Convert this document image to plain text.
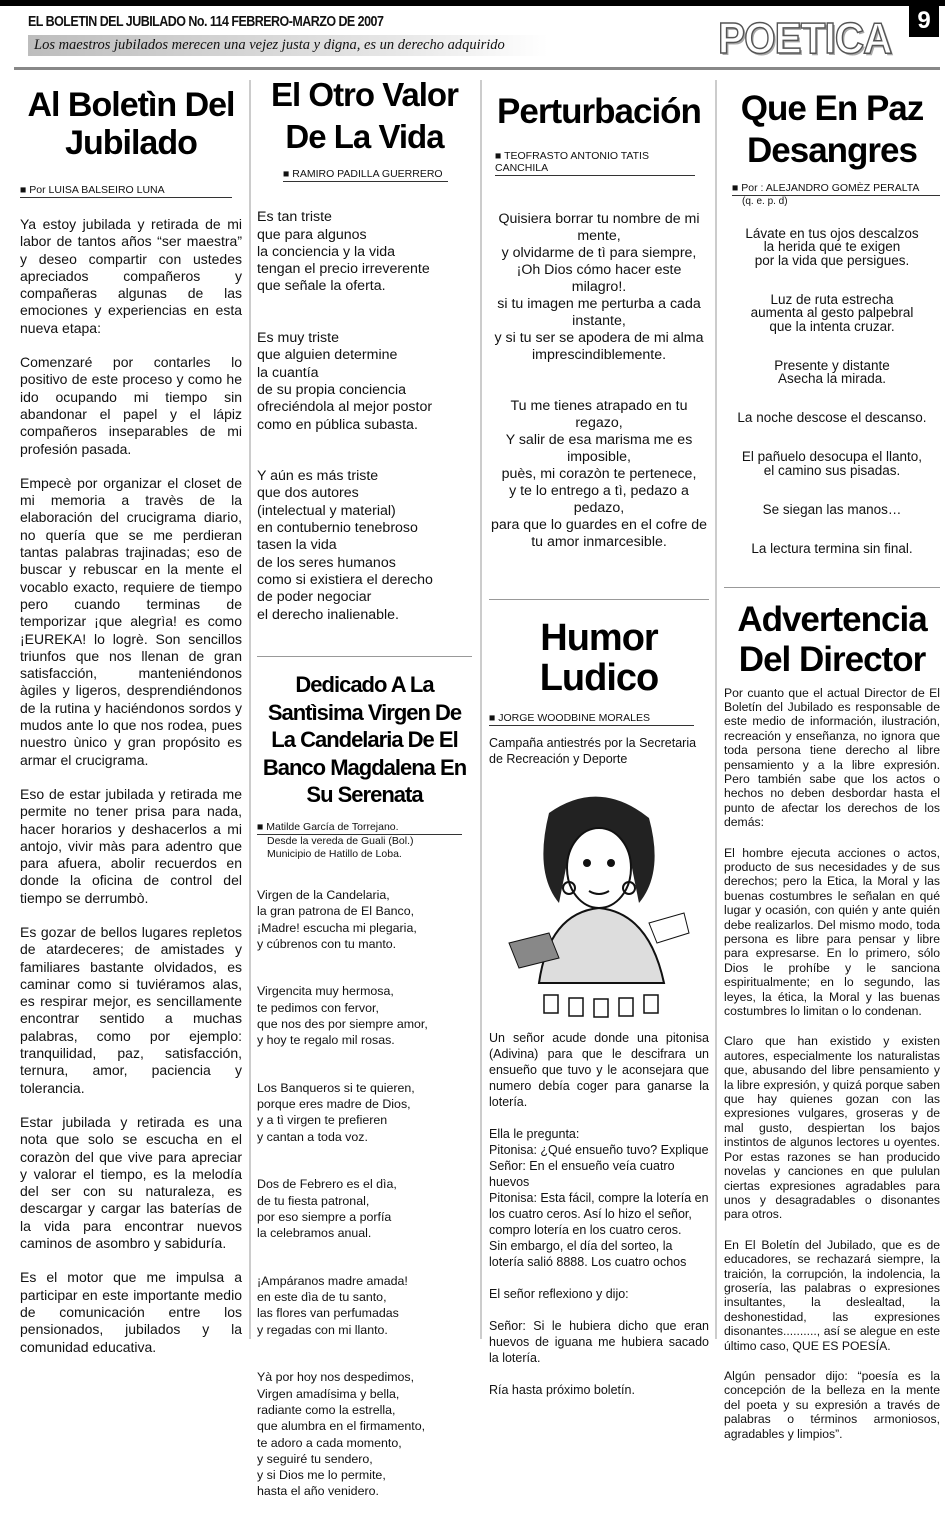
EL BOLETIN DEL JUBILADO No. 114 FEBRERO-MARZO DE 2007
Los maestros jubilados merecen una vejez justa y digna, es un derecho adquirido	POETICA	9
Al Boletìn Del Jubilado
■ Por LUISA BALSEIRO LUNA

Ya estoy jubilada y retirada de mi labor de tantos años “ser maestra” y deseo compartir con ustedes apreciados compañeros y compañeras algunas de las emociones y experiencias en esta nueva etapa:

Comenzaré por contarles lo positivo de este proceso y como he ido ocupando mi tiempo sin abandonar el papel y el lápiz compañeros inseparables de mi profesión pasada.

Empecè por organizar el closet de mi memoria a travès de la elaboración del crucigrama diario, no quería que se me perdieran tantas palabras trajinadas; eso de buscar y rebuscar en la mente el vocablo exacto, requiere de tiempo pero cuando terminas de temporizar ¡que alegrìa! es como ¡EUREKA! lo logrè. Son sencillos triunfos que nos llenan de gran satisfacción, manteniéndonos àgiles y ligeros, desprendiéndonos de la rutina y haciéndonos sordos y mudos ante lo que nos rodea, pues nuestro ùnico y gran propósito es armar el crucigrama.

Eso de estar jubilada y retirada me permite no tener prisa para nada, hacer horarios y deshacerlos a mi antojo, vivir màs para adentro que para afuera, abolir recuerdos en donde la oficina de control del tiempo se derrumbò.

Es gozar de bellos lugares repletos de atardeceres; de amistades y familiares bastante olvidados, es caminar como si tuviéramos alas, es respirar mejor, es sencillamente encontrar sentido a muchas palabras, como por ejemplo: tranquilidad, paz, satisfacción, ternura, amor, paciencia y tolerancia.

Estar jubilada y retirada es una nota que solo se escucha en el corazòn del que vive para apreciar y valorar el tiempo, es la melodía del ser con su naturaleza, es descargar y cargar las baterías de la vida para encontrar nuevos caminos de asombro y sabiduría.

Es el motor que me impulsa a participar en este importante medio de comunicación entre los pensionados, jubilados y la comunidad educativa.

El Otro Valor De La Vida
■ RAMIRO PADILLA GUERRERO

Es tan triste
que para algunos
la conciencia y la vida
tengan el precio irreverente
que señale la oferta.

Es muy triste
que alguien determine
la cuantía
de su propia conciencia
ofreciéndola al mejor postor
como en pública subasta.

Y aún es más triste
que dos autores
(intelectual y material)
en contubernio tenebroso
tasen la vida
de los seres humanos
como si existiera el derecho
de poder negociar
el derecho inalienable.

Dedicado A La Santìsima Virgen De La Candelaria De El Banco Magdalena En Su Serenata
■ Matilde García de Torrejano.
Desde la vereda de Guali (Bol.)
Municipio de Hatillo de Loba.

Virgen de la Candelaria,
la gran patrona de El Banco,
¡Madre! escucha mi plegaria,
y cúbrenos con tu manto.

Virgencita muy hermosa,
te pedimos con fervor,
que nos des por siempre amor,
y hoy te regalo mil rosas.

Los Banqueros si te quieren,
porque eres madre de Dios,
y a tì virgen te prefieren
y cantan a toda voz.

Dos de Febrero es el dìa,
de tu fiesta patronal,
por eso siempre a porfía
la celebramos anual.

¡Ampáranos madre amada!
en este dìa de tu santo,
las flores van perfumadas
y regadas con mi llanto.

Yà por hoy nos despedimos,
Virgen amadísima y bella,
radiante como la estrella,
que alumbra en el firmamento,
te adoro a cada momento,
y seguiré tu sendero,
y si Dios me lo permite,
hasta el año venidero.

Perturbación
■ TEOFRASTO ANTONIO TATIS CANCHILA

Quisiera borrar tu nombre de mi mente,
y olvidarme de tì para siempre,
¡Oh Dios cómo hacer este milagro!.
si tu imagen me perturba a cada instante,
y si tu ser se apodera de mi alma imprescindiblemente.

Tu me tienes atrapado en tu regazo,
Y salir de esa marisma me es imposible,
puès, mi corazòn te pertenece,
y te lo entrego a tì, pedazo a pedazo,
para que lo guardes en el cofre de tu amor inmarcesible.

Humor Ludico
■ JORGE WOODBINE MORALES
Campaña antiestrés por la Secretaria de Recreación y Deporte

Un señor acude donde una pitonisa (Adivina) para que le descifrara un ensueño que tuvo y le aconsejara que numero debía coger para ganarse la lotería.

Ella le pregunta:
Pitonisa: ¿Qué ensueño tuvo? Explique
Señor: En el ensueño veía cuatro huevos
Pitonisa: Esta fácil, compre la lotería en los cuatro ceros. Así lo hizo el señor, compro lotería en los cuatro ceros.
Sin embargo, el día del sorteo, la lotería salió 8888. Los cuatro ochos

El señor reflexiono y dijo:

Señor: Si le hubiera dicho que eran huevos de iguana me hubiera sacado la lotería.

Ría hasta próximo boletín.

Que En Paz Desangres
■ Por : ALEJANDRO GOMÈZ PERALTA
(q. e. p. d)

Lávate en tus ojos descalzos
la herida que te exigen
por la vida que persigues.

Luz de ruta estrecha
aumenta al gesto palpebral
que la intenta cruzar.

Presente y distante
Asecha la mirada.

La noche descose el descanso.

El pañuelo desocupa el llanto,
el camino sus pisadas.

Se siegan las manos…

La lectura termina sin final.

Advertencia Del Director

Por cuanto que el actual Director de El Boletín del Jubilado es responsable de este medio de información, ilustración, recreación y enseñanza, no ignora que toda persona tiene derecho al libre pensamiento y a la libre expresión. Pero también sabe que los actos o hechos no deben desbordar hasta el punto de afectar los derechos de los demás:

El hombre ejecuta acciones o actos, producto de sus necesidades y de sus derechos; pero la Etica, la Moral y las buenas costumbres le señalan en qué lugar y ocasión, con quién y ante quién debe realizarlos. Del mismo modo, toda persona es libre para pensar y libre para expresarse. En lo primero, sólo Dios le prohíbe y le sanciona espiritualmente; en lo segundo, las leyes, la ética, la Moral y las buenas costumbres lo limitan o lo condenan.

Claro que han existido y existen autores, especialmente los naturalistas que, abusando del libre pensamiento y la libre expresión, y quizá porque saben que hay quienes gozan con las expresiones vulgares, groseras y de mal gusto, despiertan los bajos instintos de algunos lectores u oyentes. Por estas razones se han producido novelas y canciones en que pululan ciertas expresiones agradables para unos y desagradables o disonantes para otros.

En El Boletín del Jubilado, que es de educadores, se rechazará siempre, la traición, la corrupción, la indolencia, la grosería, las palabras o expresiones insultantes, la deslealtad, la deshonestidad, las expresiones disonantes.........., así se alegue en este último caso, QUE ES POESÍA.

Algún pensador dijo: “poesía es la concepción de la belleza en la mente del poeta y su expresión a través de palabras o términos armoniosos, agradables y limpios”.
